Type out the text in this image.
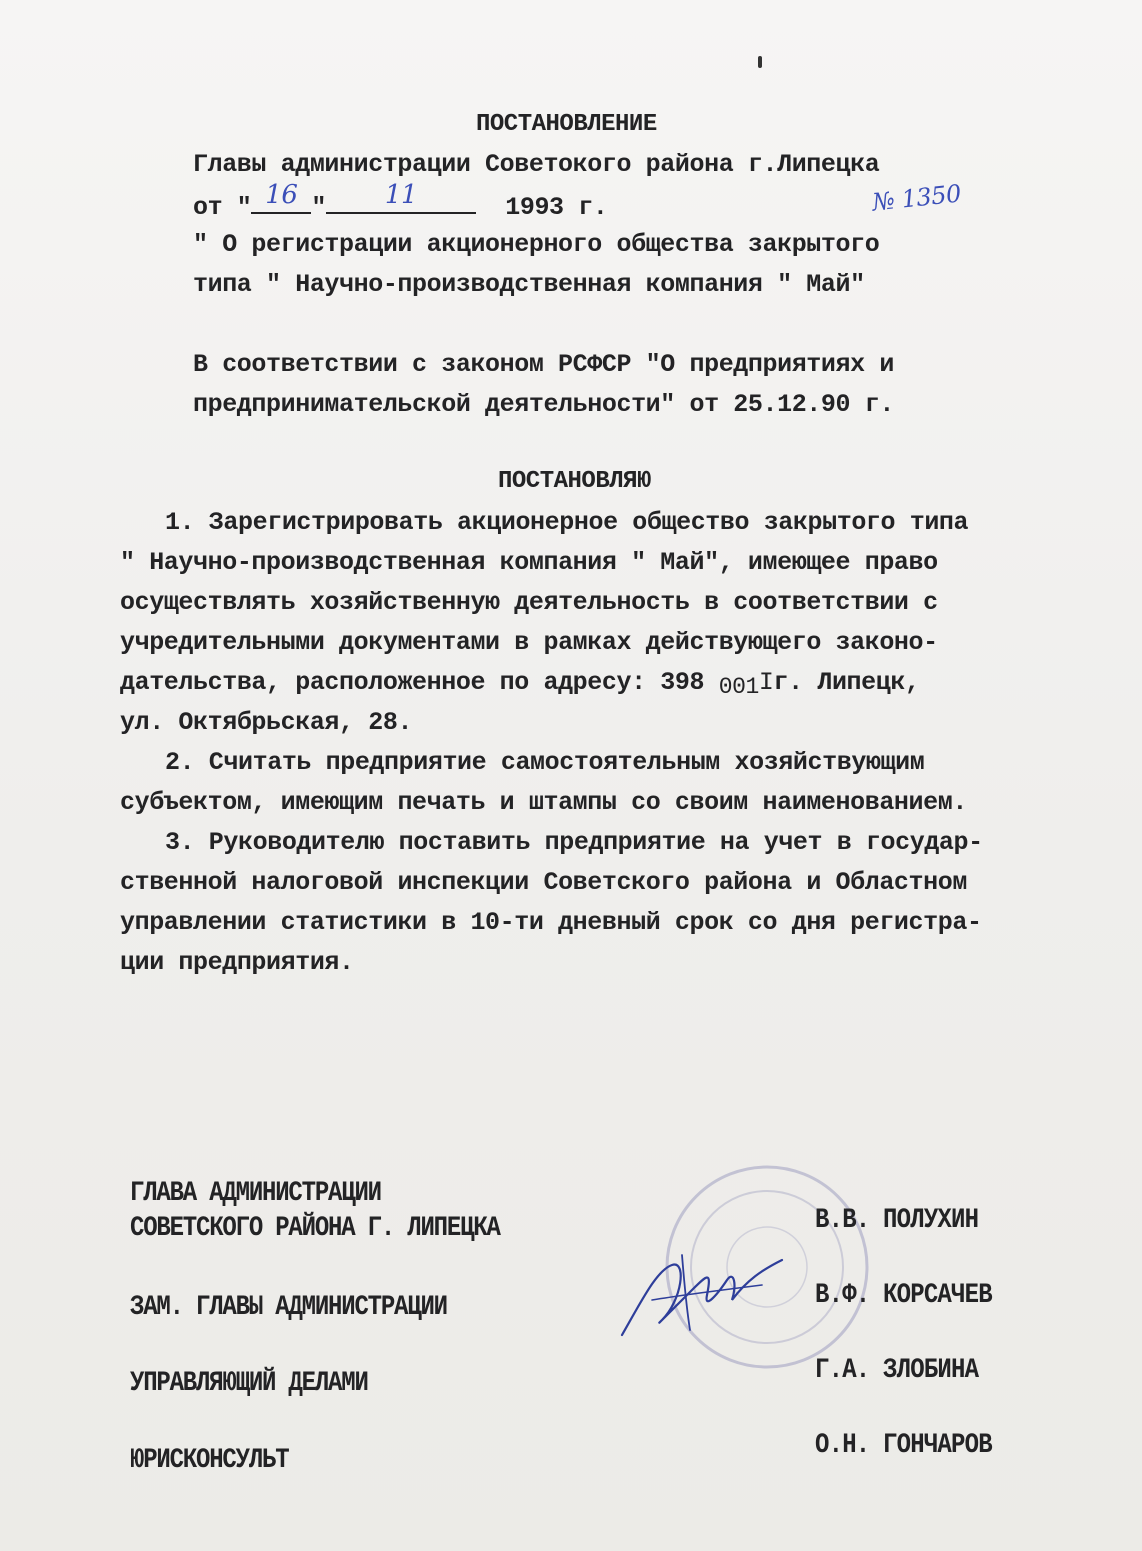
ПОСТАНОВЛЕНИЕ
Главы администрации Советокого района г.Липецка
от " 16 "	11	1993 г.	№ 1350
" О регистрации акционерного общества закрытого
типа " Научно-производственная компания " Май"
В соответствии с законом РСФСР "О предприятиях и
предпринимательской деятельности" от 25.12.90 г.
ПОСТАНОВЛЯЮ
1. Зарегистрировать акционерное общество закрытого типа
" Научно-производственная компания " Май", имеющее право
осуществлять хозяйственную деятельность в соответствии с
учредительными документами в рамках действующего законо-
дательства, расположенное по адресу: 398 001Iг. Липецк,
ул. Октябрьская, 28.
2. Считать предприятие самостоятельным хозяйствующим
субъектом, имеющим печать и штампы со своим наименованием.
3. Руководителю поставить предприятие на учет в государ-
ственной налоговой инспекции Советского района и Областном
управлении статистики в 10-ти дневный срок со дня регистра-
ции предприятия.
ГЛАВА АДМИНИСТРАЦИИ
СОВЕТСКОГО РАЙОНА Г. ЛИПЕЦКА	В.В. ПОЛУХИН
ЗАМ. ГЛАВЫ АДМИНИСТРАЦИИ	В.Ф. КОРСАЧЕВ
УПРАВЛЯЮЩИЙ ДЕЛАМИ	Г.А. ЗЛОБИНА
ЮРИСКОНСУЛЬТ	О.Н. ГОНЧАРОВ
